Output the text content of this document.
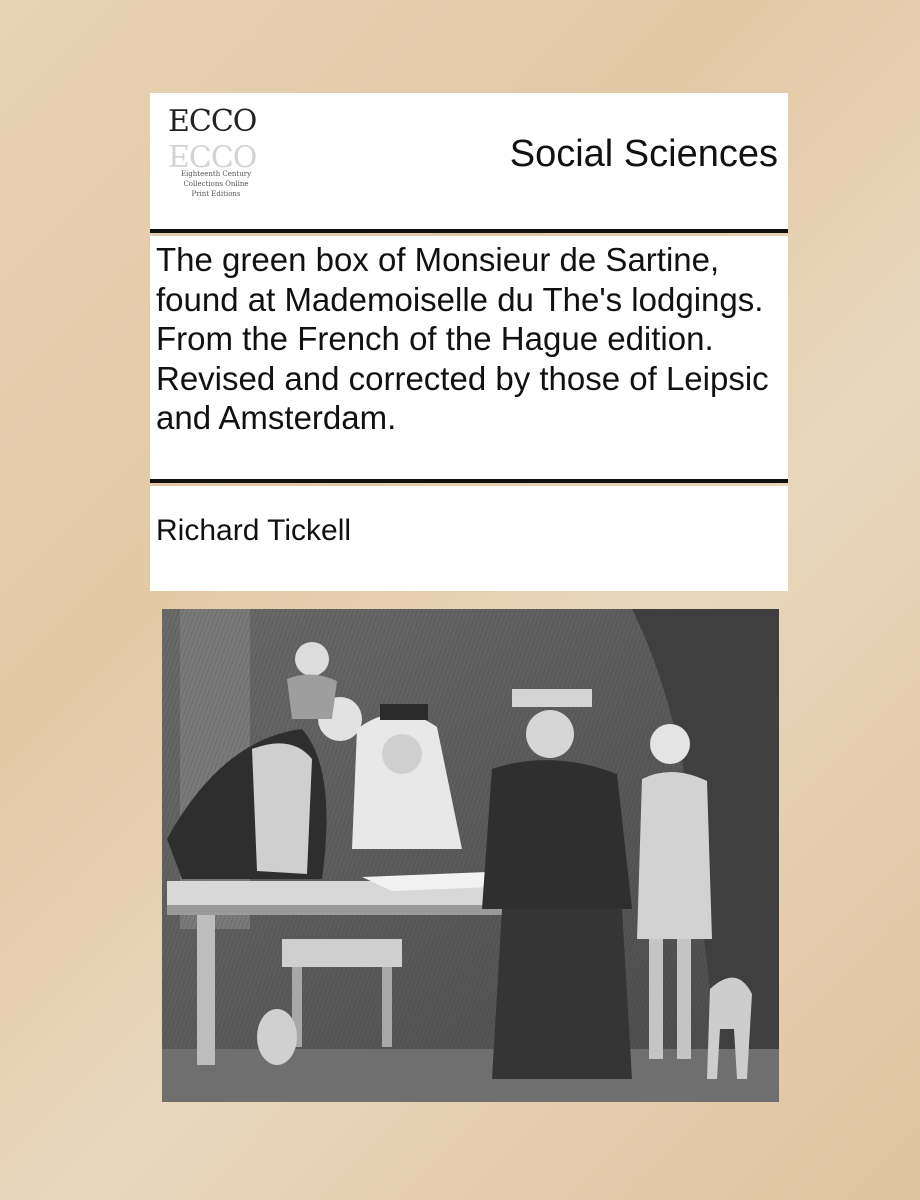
ECCO
ECCO
Eighteenth Century
Collections Online
Print Editions
Social Sciences
The green box of Monsieur de Sartine, found at Mademoiselle du The's lodgings. From the French of the Hague edition. Revised and corrected by those of Leipsic and Amsterdam.
Richard Tickell
